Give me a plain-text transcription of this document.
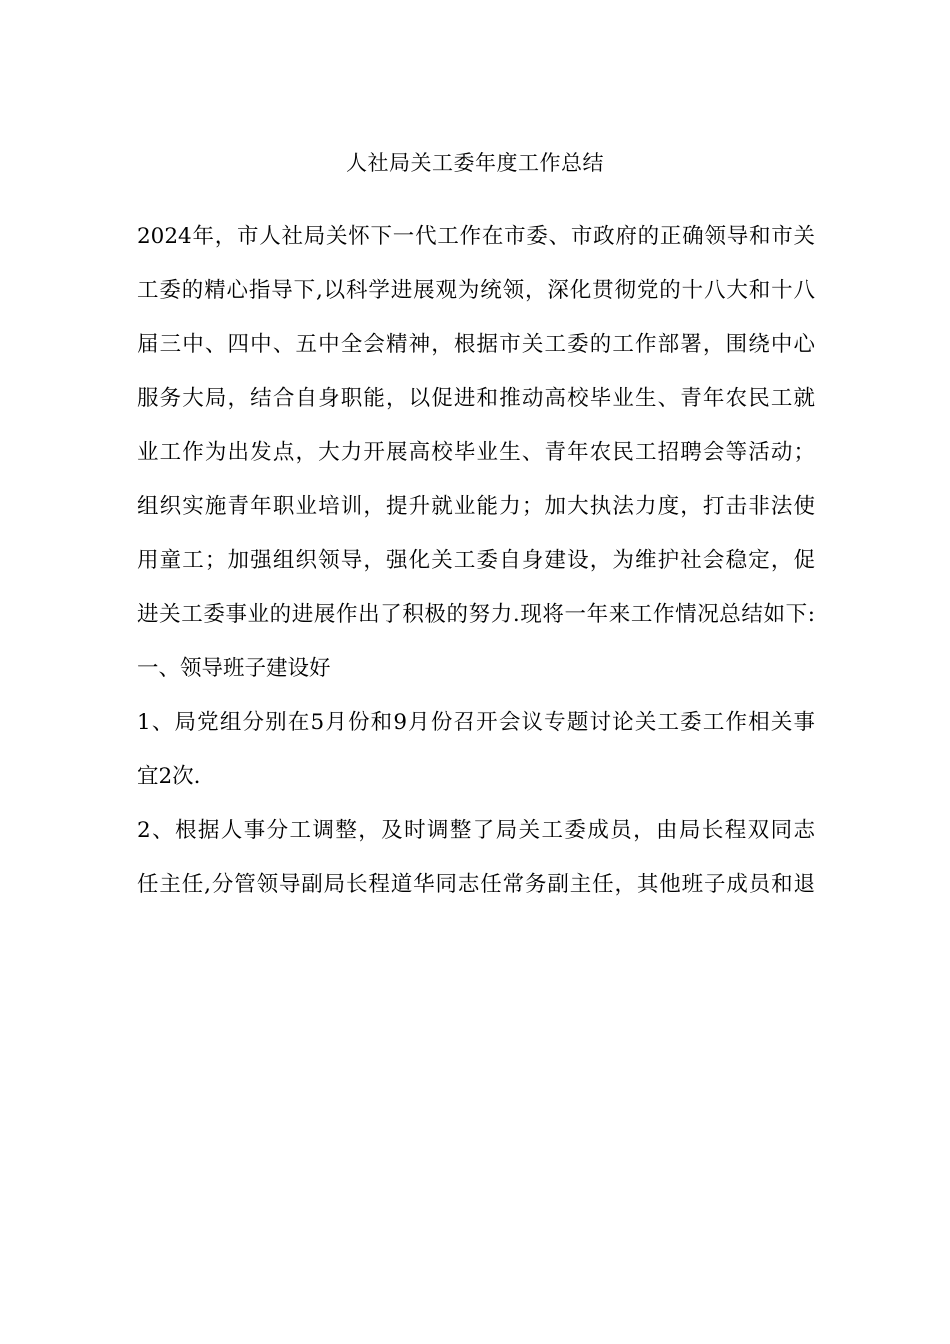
人社局关工委年度工作总结
2024年，市人社局关怀下一代工作在市委、市政府的正确领导和市关
工委的精心指导下,以科学进展观为统领，深化贯彻党的十八大和十八
届三中、四中、五中全会精神，根据市关工委的工作部署，围绕中心
服务大局，结合自身职能，以促进和推动高校毕业生、青年农民工就
业工作为出发点，大力开展高校毕业生、青年农民工招聘会等活动；
组织实施青年职业培训，提升就业能力；加大执法力度，打击非法使
用童工；加强组织领导，强化关工委自身建设，为维护社会稳定，促
进关工委事业的进展作出了积极的努力.现将一年来工作情况总结如下:
一、领导班子建设好
1、局党组分别在5月份和9月份召开会议专题讨论关工委工作相关事
宜2次.
2、根据人事分工调整，及时调整了局关工委成员，由局长程双同志
任主任,分管领导副局长程道华同志任常务副主任，其他班子成员和退
